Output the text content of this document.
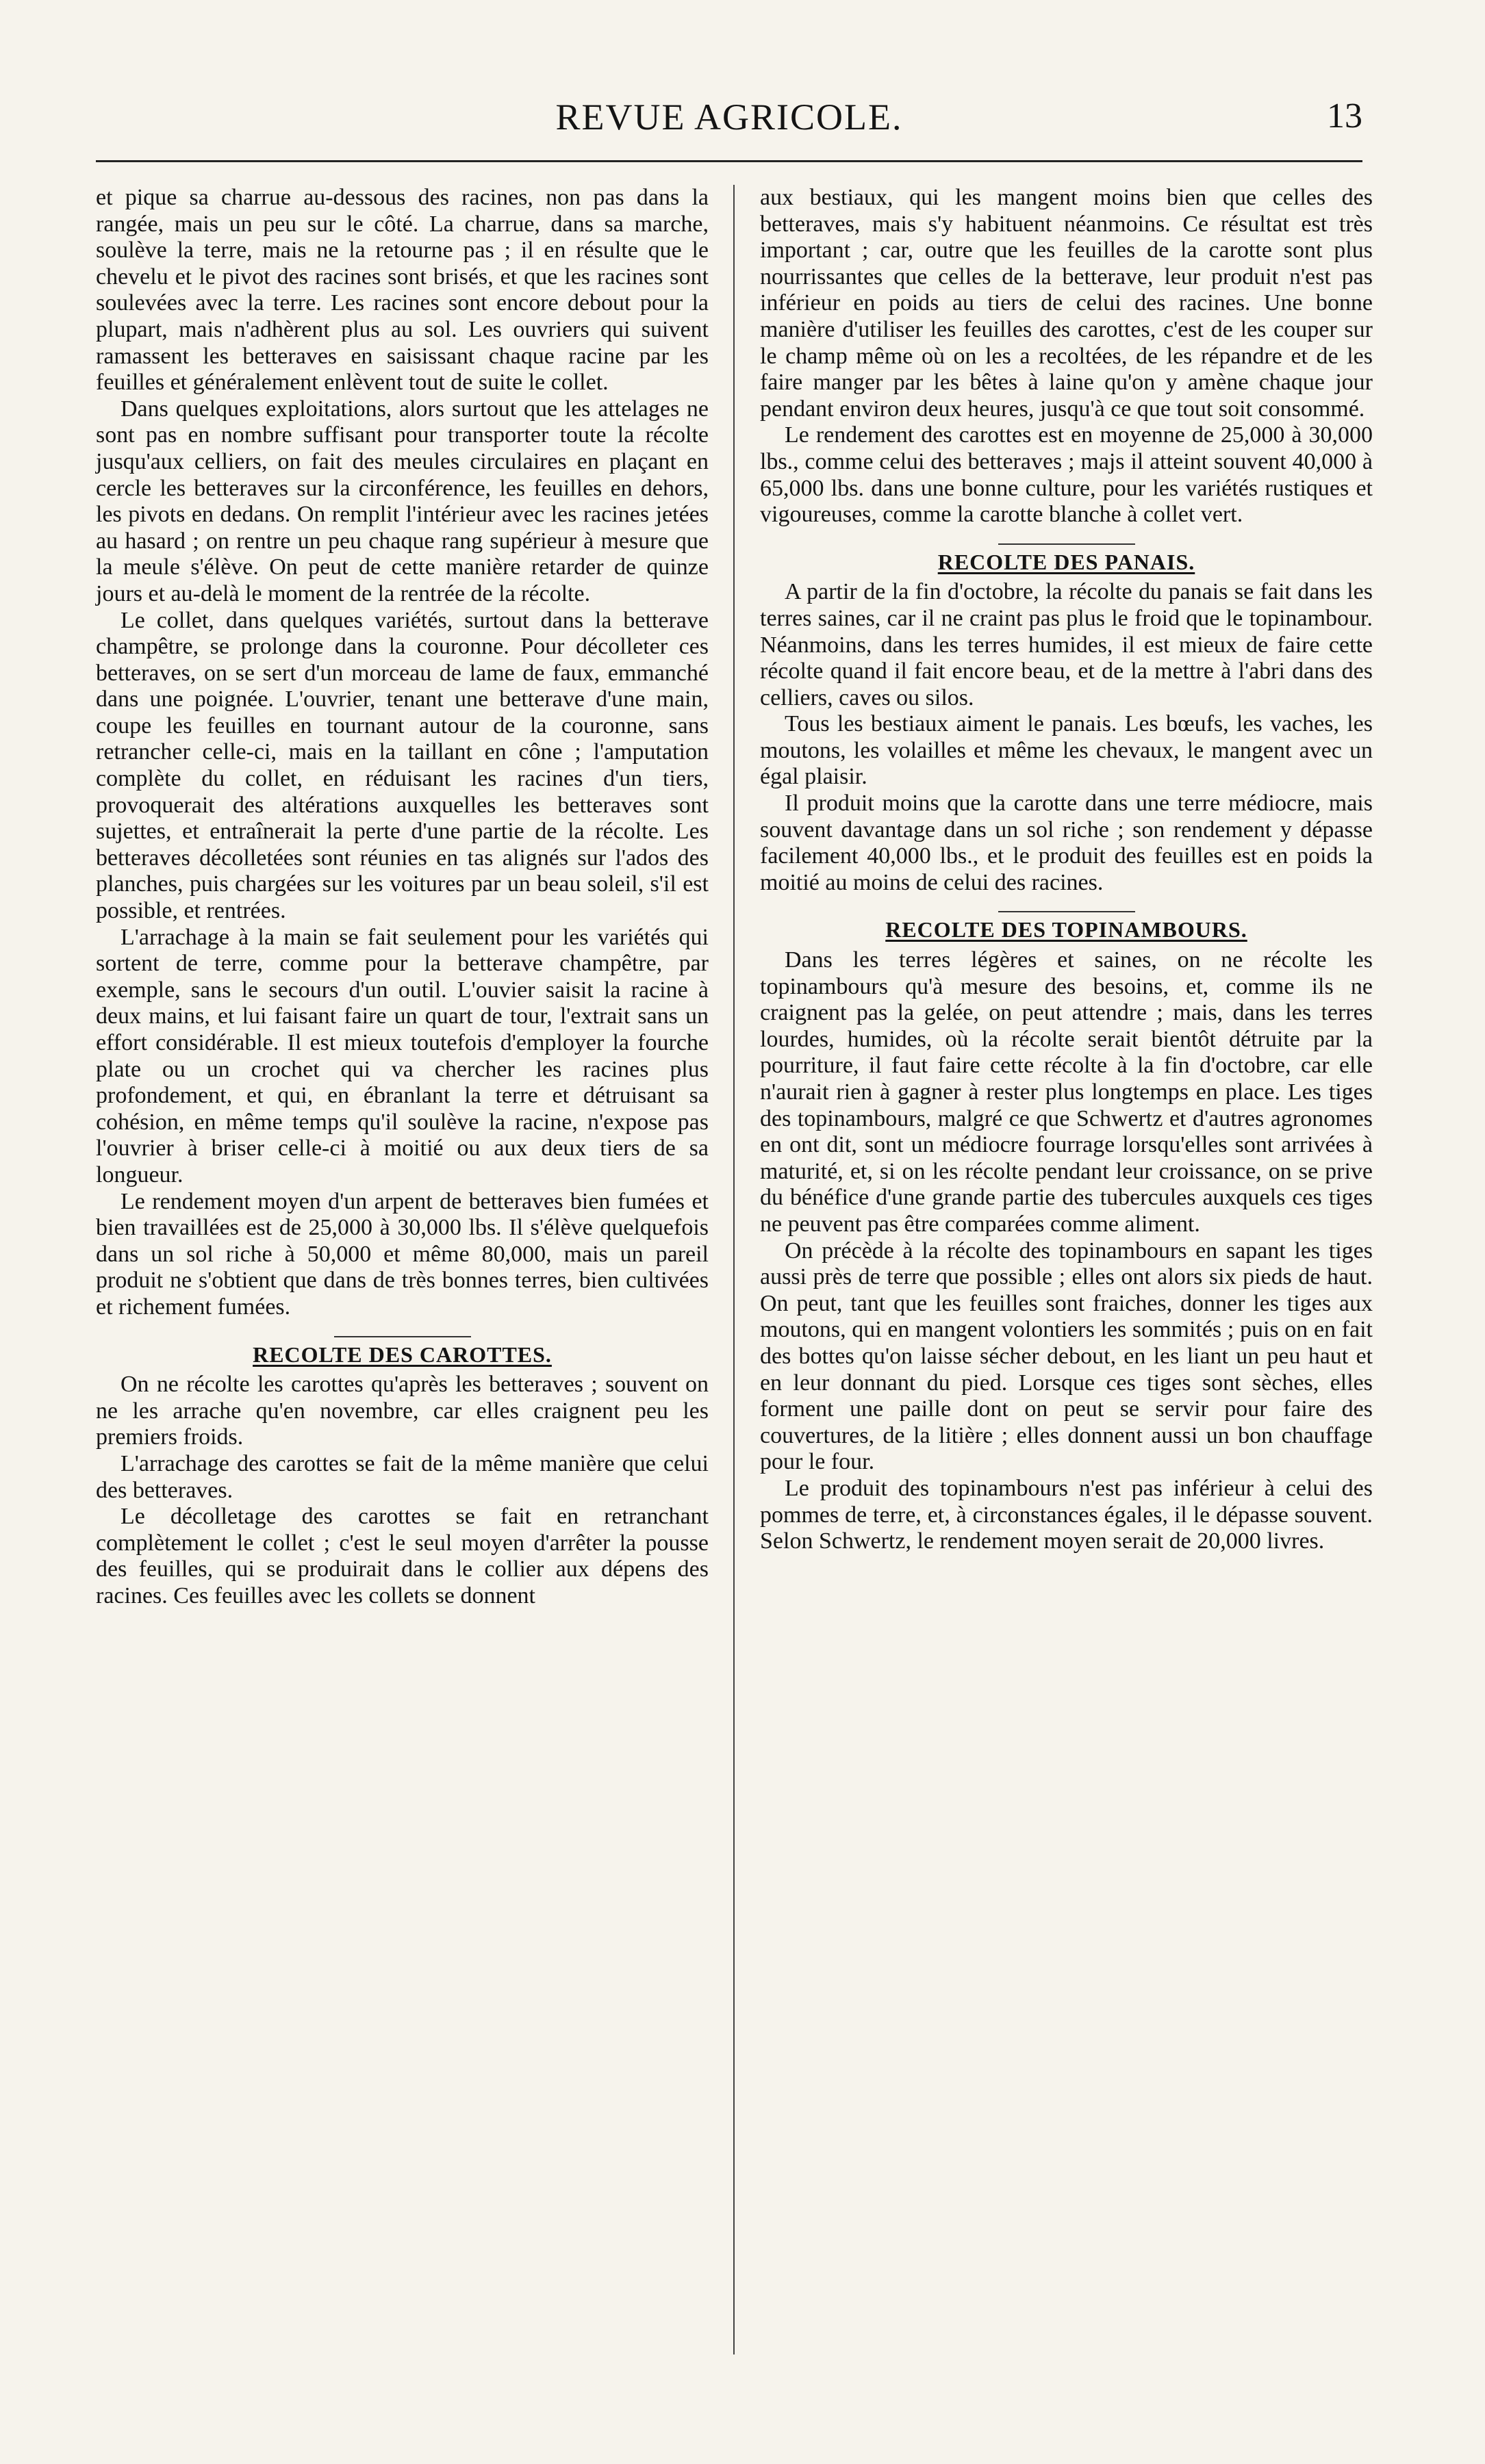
REVUE AGRICOLE.	13

et pique sa charrue au-dessous des racines, non pas dans la rangée, mais un peu sur le côté. La charrue, dans sa marche, soulève la terre, mais ne la retourne pas ; il en résulte que le chevelu et le pivot des racines sont brisés, et que les racines sont soulevées avec la terre. Les racines sont encore debout pour la plupart, mais n'adhèrent plus au sol. Les ouvriers qui suivent ramassent les betteraves en saisissant chaque racine par les feuilles et généralement enlèvent tout de suite le collet.

Dans quelques exploitations, alors surtout que les attelages ne sont pas en nombre suffisant pour transporter toute la récolte jusqu'aux celliers, on fait des meules circulaires en plaçant en cercle les betteraves sur la circonférence, les feuilles en dehors, les pivots en dedans. On remplit l'intérieur avec les racines jetées au hasard ; on rentre un peu chaque rang supérieur à mesure que la meule s'élève. On peut de cette manière retarder de quinze jours et au-delà le moment de la rentrée de la récolte.

Le collet, dans quelques variétés, surtout dans la betterave champêtre, se prolonge dans la couronne. Pour décolleter ces betteraves, on se sert d'un morceau de lame de faux, emmanché dans une poignée. L'ouvrier, tenant une betterave d'une main, coupe les feuilles en tournant autour de la couronne, sans retrancher celle-ci, mais en la taillant en cône ; l'amputation complète du collet, en réduisant les racines d'un tiers, provoquerait des altérations auxquelles les betteraves sont sujettes, et entraînerait la perte d'une partie de la récolte. Les betteraves décolletées sont réunies en tas alignés sur l'ados des planches, puis chargées sur les voitures par un beau soleil, s'il est possible, et rentrées.

L'arrachage à la main se fait seulement pour les variétés qui sortent de terre, comme pour la betterave champêtre, par exemple, sans le secours d'un outil. L'ouvier saisit la racine à deux mains, et lui faisant faire un quart de tour, l'extrait sans un effort considérable. Il est mieux toutefois d'employer la fourche plate ou un crochet qui va chercher les racines plus profondement, et qui, en ébranlant la terre et détruisant sa cohésion, en même temps qu'il soulève la racine, n'expose pas l'ouvrier à briser celle-ci à moitié ou aux deux tiers de sa longueur.

Le rendement moyen d'un arpent de betteraves bien fumées et bien travaillées est de 25,000 à 30,000 lbs. Il s'élève quelquefois dans un sol riche à 50,000 et même 80,000, mais un pareil produit ne s'obtient que dans de très bonnes terres, bien cultivées et richement fumées.

RECOLTE DES CAROTTES.

On ne récolte les carottes qu'après les betteraves ; souvent on ne les arrache qu'en novembre, car elles craignent peu les premiers froids.

L'arrachage des carottes se fait de la même manière que celui des betteraves.

Le décolletage des carottes se fait en retranchant complètement le collet ; c'est le seul moyen d'arrêter la pousse des feuilles, qui se produirait dans le collier aux dépens des racines. Ces feuilles avec les collets se donnent

aux bestiaux, qui les mangent moins bien que celles des betteraves, mais s'y habituent néanmoins. Ce résultat est très important ; car, outre que les feuilles de la carotte sont plus nourrissantes que celles de la betterave, leur produit n'est pas inférieur en poids au tiers de celui des racines. Une bonne manière d'utiliser les feuilles des carottes, c'est de les couper sur le champ même où on les a recoltées, de les répandre et de les faire manger par les bêtes à laine qu'on y amène chaque jour pendant environ deux heures, jusqu'à ce que tout soit consommé.

Le rendement des carottes est en moyenne de 25,000 à 30,000 lbs., comme celui des betteraves ; majs il atteint souvent 40,000 à 65,000 lbs. dans une bonne culture, pour les variétés rustiques et vigoureuses, comme la carotte blanche à collet vert.

RECOLTE DES PANAIS.

A partir de la fin d'octobre, la récolte du panais se fait dans les terres saines, car il ne craint pas plus le froid que le topinambour. Néanmoins, dans les terres humides, il est mieux de faire cette récolte quand il fait encore beau, et de la mettre à l'abri dans des celliers, caves ou silos.

Tous les bestiaux aiment le panais. Les bœufs, les vaches, les moutons, les volailles et même les chevaux, le mangent avec un égal plaisir.

Il produit moins que la carotte dans une terre médiocre, mais souvent davantage dans un sol riche ; son rendement y dépasse facilement 40,000 lbs., et le produit des feuilles est en poids la moitié au moins de celui des racines.

RECOLTE DES TOPINAMBOURS.

Dans les terres légères et saines, on ne récolte les topinambours qu'à mesure des besoins, et, comme ils ne craignent pas la gelée, on peut attendre ; mais, dans les terres lourdes, humides, où la récolte serait bientôt détruite par la pourriture, il faut faire cette récolte à la fin d'octobre, car elle n'aurait rien à gagner à rester plus longtemps en place. Les tiges des topinambours, malgré ce que Schwertz et d'autres agronomes en ont dit, sont un médiocre fourrage lorsqu'elles sont arrivées à maturité, et, si on les récolte pendant leur croissance, on se prive du bénéfice d'une grande partie des tubercules auxquels ces tiges ne peuvent pas être comparées comme aliment.

On précède à la récolte des topinambours en sapant les tiges aussi près de terre que possible ; elles ont alors six pieds de haut. On peut, tant que les feuilles sont fraiches, donner les tiges aux moutons, qui en mangent volontiers les sommités ; puis on en fait des bottes qu'on laisse sécher debout, en les liant un peu haut et en leur donnant du pied. Lorsque ces tiges sont sèches, elles forment une paille dont on peut se servir pour faire des couvertures, de la litière ; elles donnent aussi un bon chauffage pour le four.

Le produit des topinambours n'est pas inférieur à celui des pommes de terre, et, à circonstances égales, il le dépasse souvent. Selon Schwertz, le rendement moyen serait de 20,000 livres.
